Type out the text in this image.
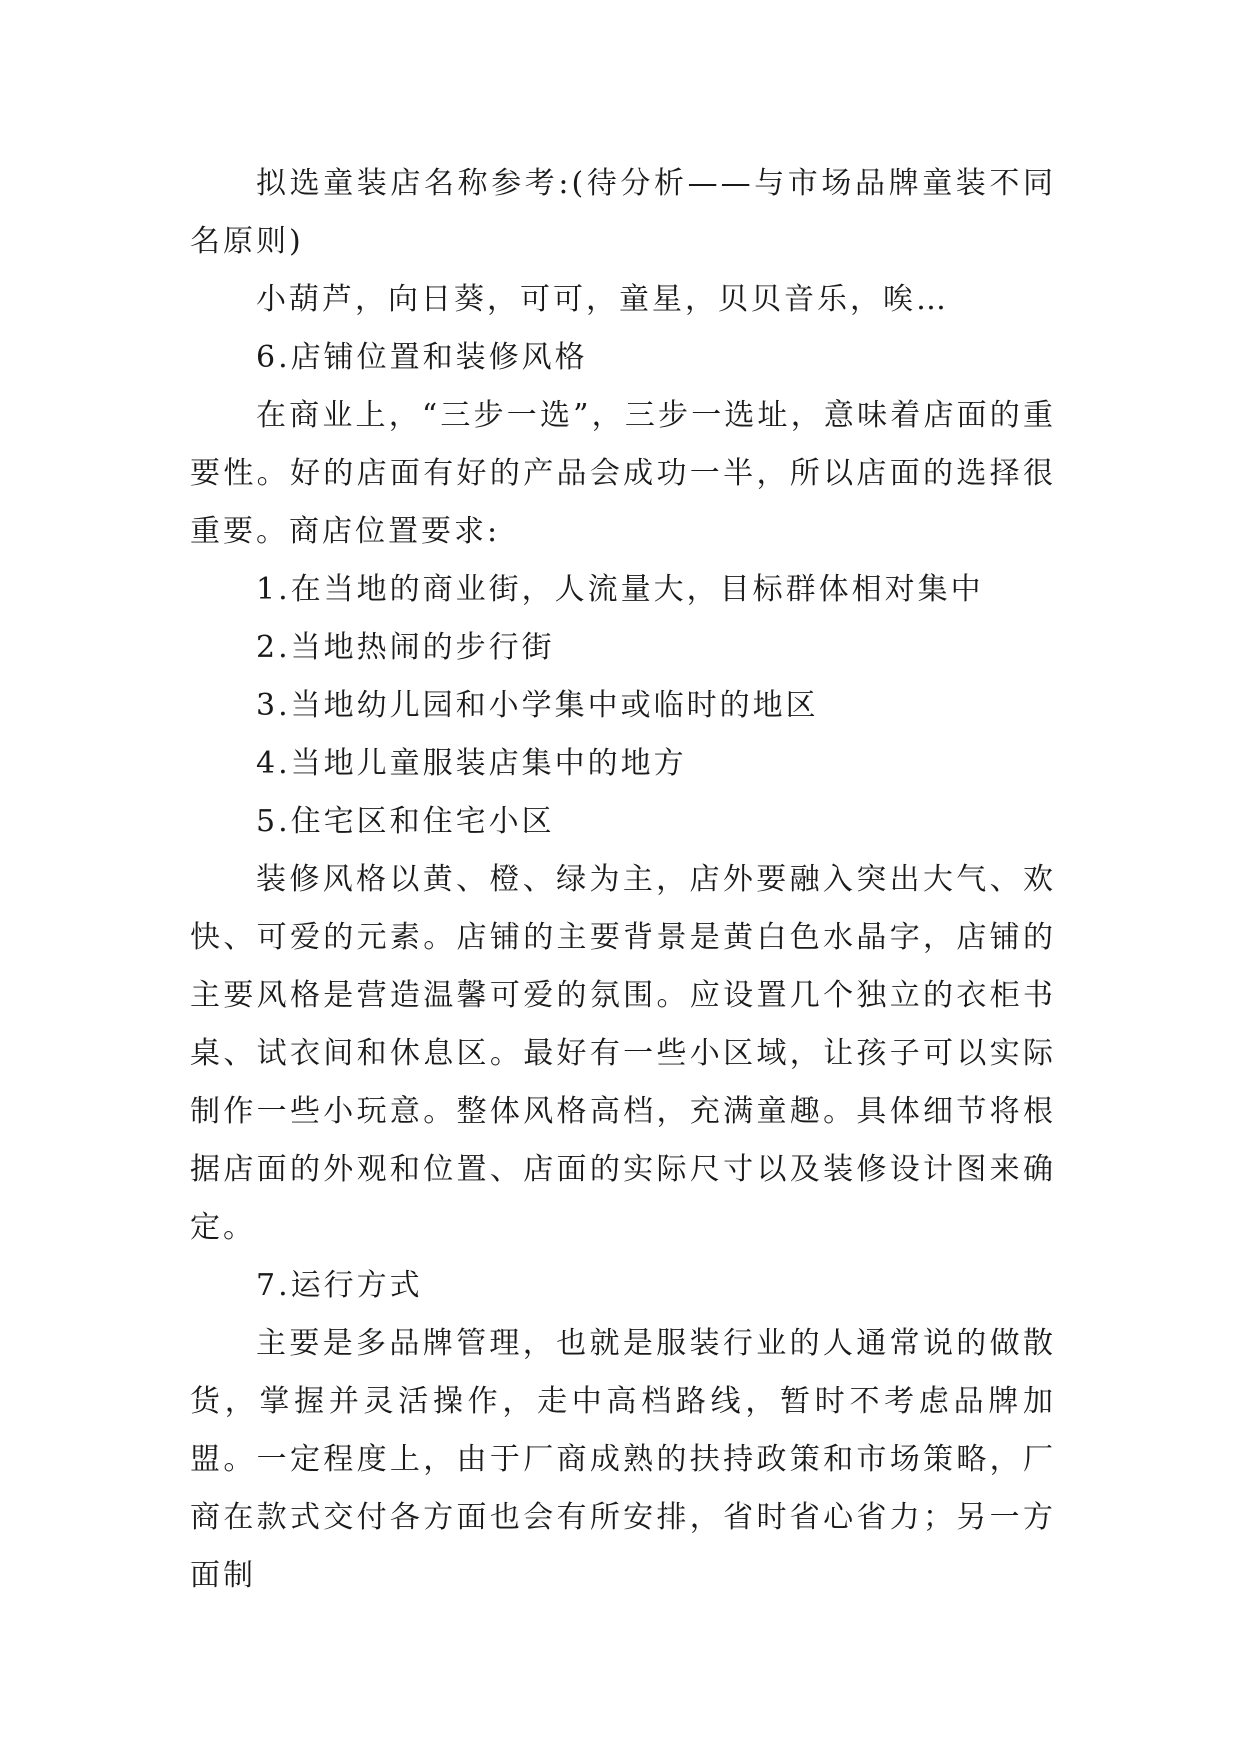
拟选童装店名称参考:(待分析——与市场品牌童装不同名原则)

小葫芦，向日葵，可可，童星，贝贝音乐，唉…

6.店铺位置和装修风格

在商业上，“三步一选”，三步一选址，意味着店面的重要性。好的店面有好的产品会成功一半，所以店面的选择很重要。商店位置要求:

1.在当地的商业街，人流量大，目标群体相对集中

2.当地热闹的步行街

3.当地幼儿园和小学集中或临时的地区

4.当地儿童服装店集中的地方

5.住宅区和住宅小区

装修风格以黄、橙、绿为主，店外要融入突出大气、欢快、可爱的元素。店铺的主要背景是黄白色水晶字，店铺的主要风格是营造温馨可爱的氛围。应设置几个独立的衣柜书桌、试衣间和休息区。最好有一些小区域，让孩子可以实际制作一些小玩意。整体风格高档，充满童趣。具体细节将根据店面的外观和位置、店面的实际尺寸以及装修设计图来确定。

7.运行方式

主要是多品牌管理，也就是服装行业的人通常说的做散货，掌握并灵活操作，走中高档路线，暂时不考虑品牌加盟。一定程度上，由于厂商成熟的扶持政策和市场策略，厂商在款式交付各方面也会有所安排，省时省心省力；另一方面制
